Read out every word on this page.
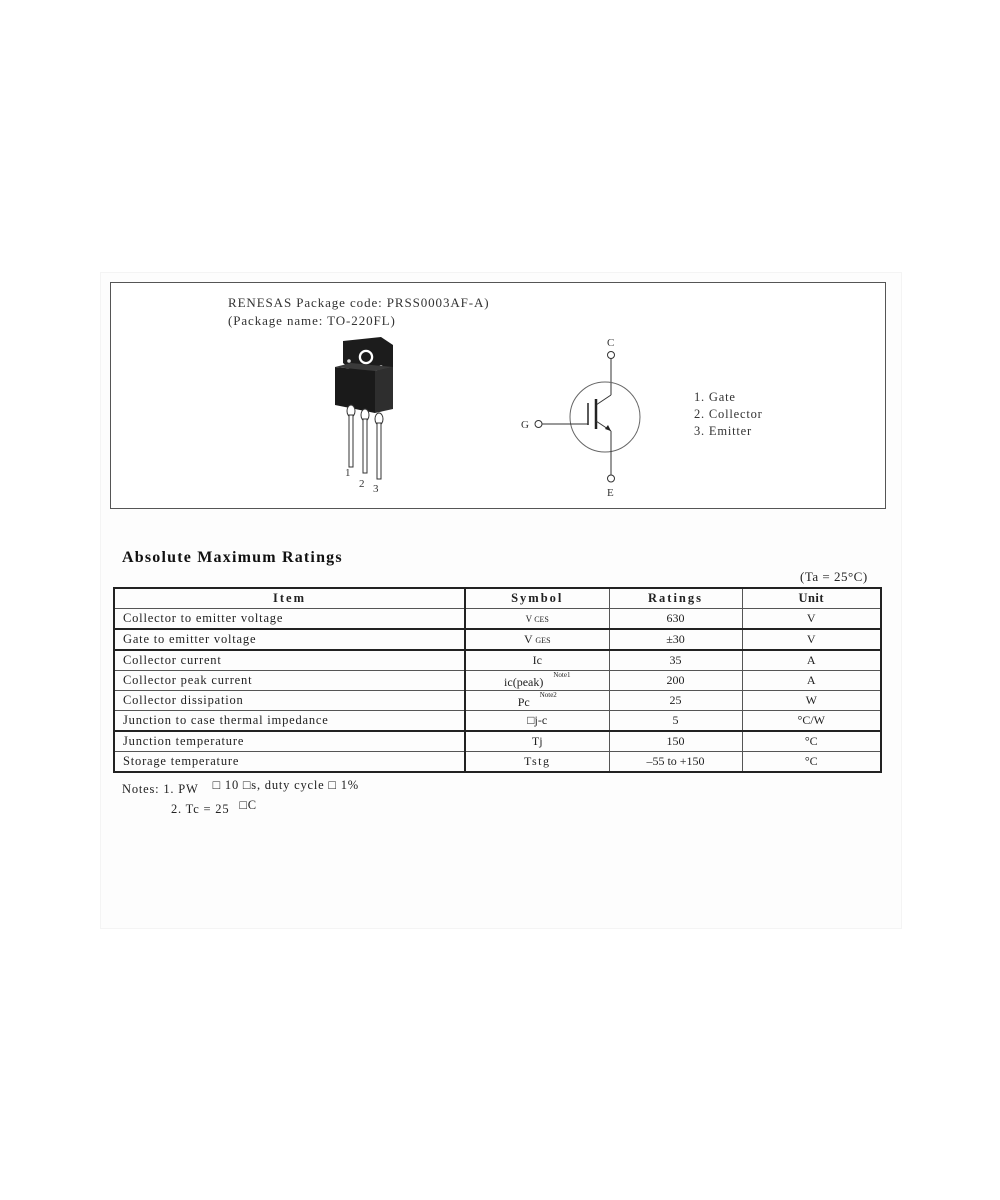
RENESAS Package code: PRSS0003AF-A)
(Package name: TO-220FL)
1
2 3
C
G
E
1. Gate
2. Collector
3. Emitter
Absolute Maximum Ratings
(Ta = 25°C)
Item	Symbol	Ratings	Unit
Collector to emitter voltage	V CES	630	V
Gate to emitter voltage	V GES	±30	V
Collector current	Ic	35	A
Collector peak current	ic(peak) $^{Note1}$	200	A
Collector dissipation	Pc $^{Note2}$	25	W
Junction to case thermal impedance	□j-c	5	°C/W
Junction temperature	Tj	150	°C
Storage temperature	Tstg	–55 to +150	°C
Notes: 1. PW □ 10 □s, duty cycle □ 1%
2. Tc = 25 □C
